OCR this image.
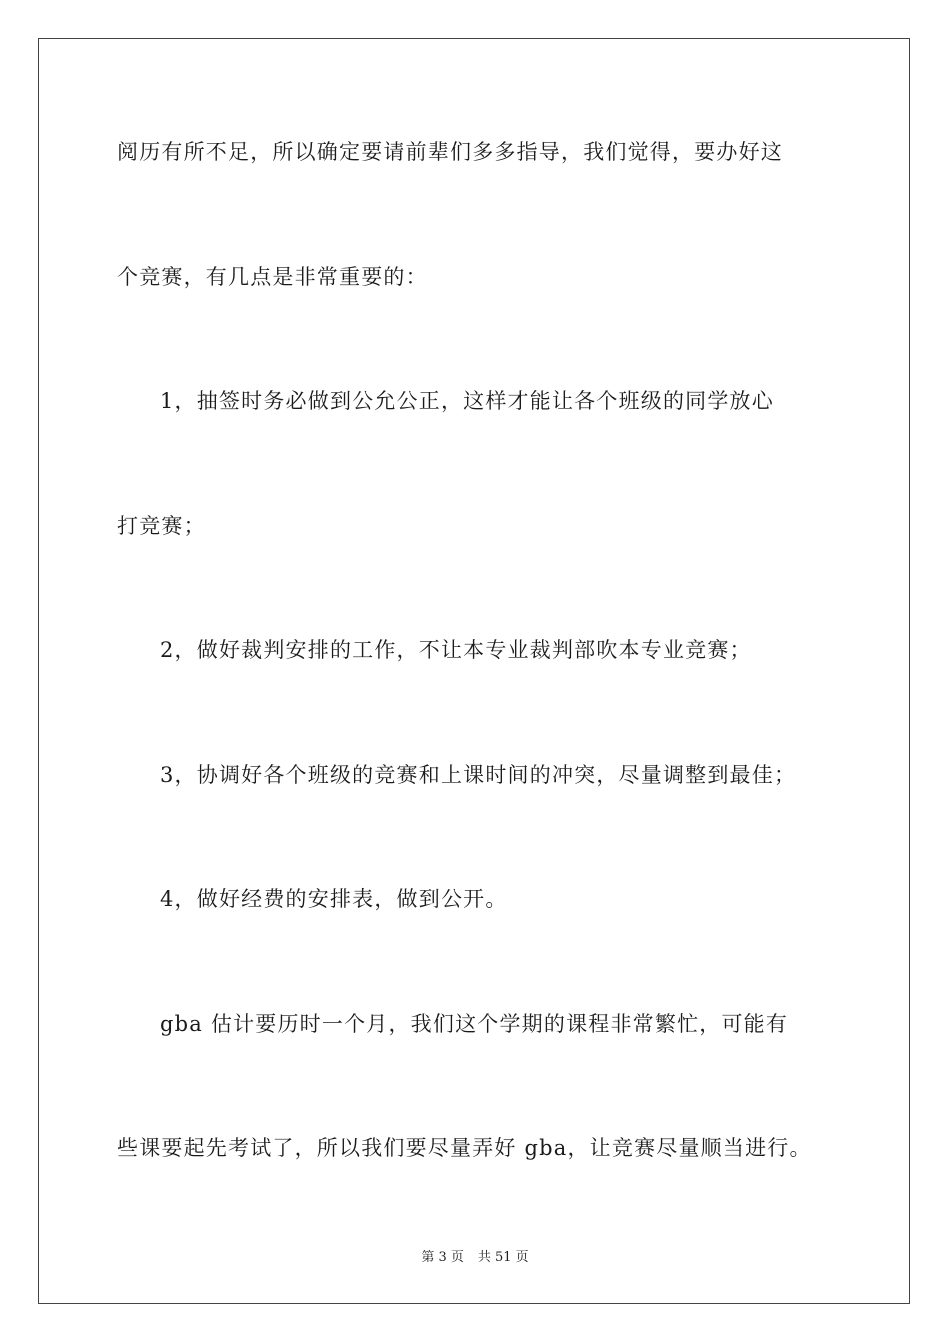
阅历有所不足，所以确定要请前辈们多多指导，我们觉得，要办好这
个竞赛，有几点是非常重要的：
1，抽签时务必做到公允公正，这样才能让各个班级的同学放心
打竞赛；
2，做好裁判安排的工作，不让本专业裁判部吹本专业竞赛；
3，协调好各个班级的竞赛和上课时间的冲突，尽量调整到最佳；
4，做好经费的安排表，做到公开。
gba 估计要历时一个月，我们这个学期的课程非常繁忙，可能有
些课要起先考试了，所以我们要尽量弄好 gba，让竞赛尽量顺当进行。
第 3 页 共 51 页
